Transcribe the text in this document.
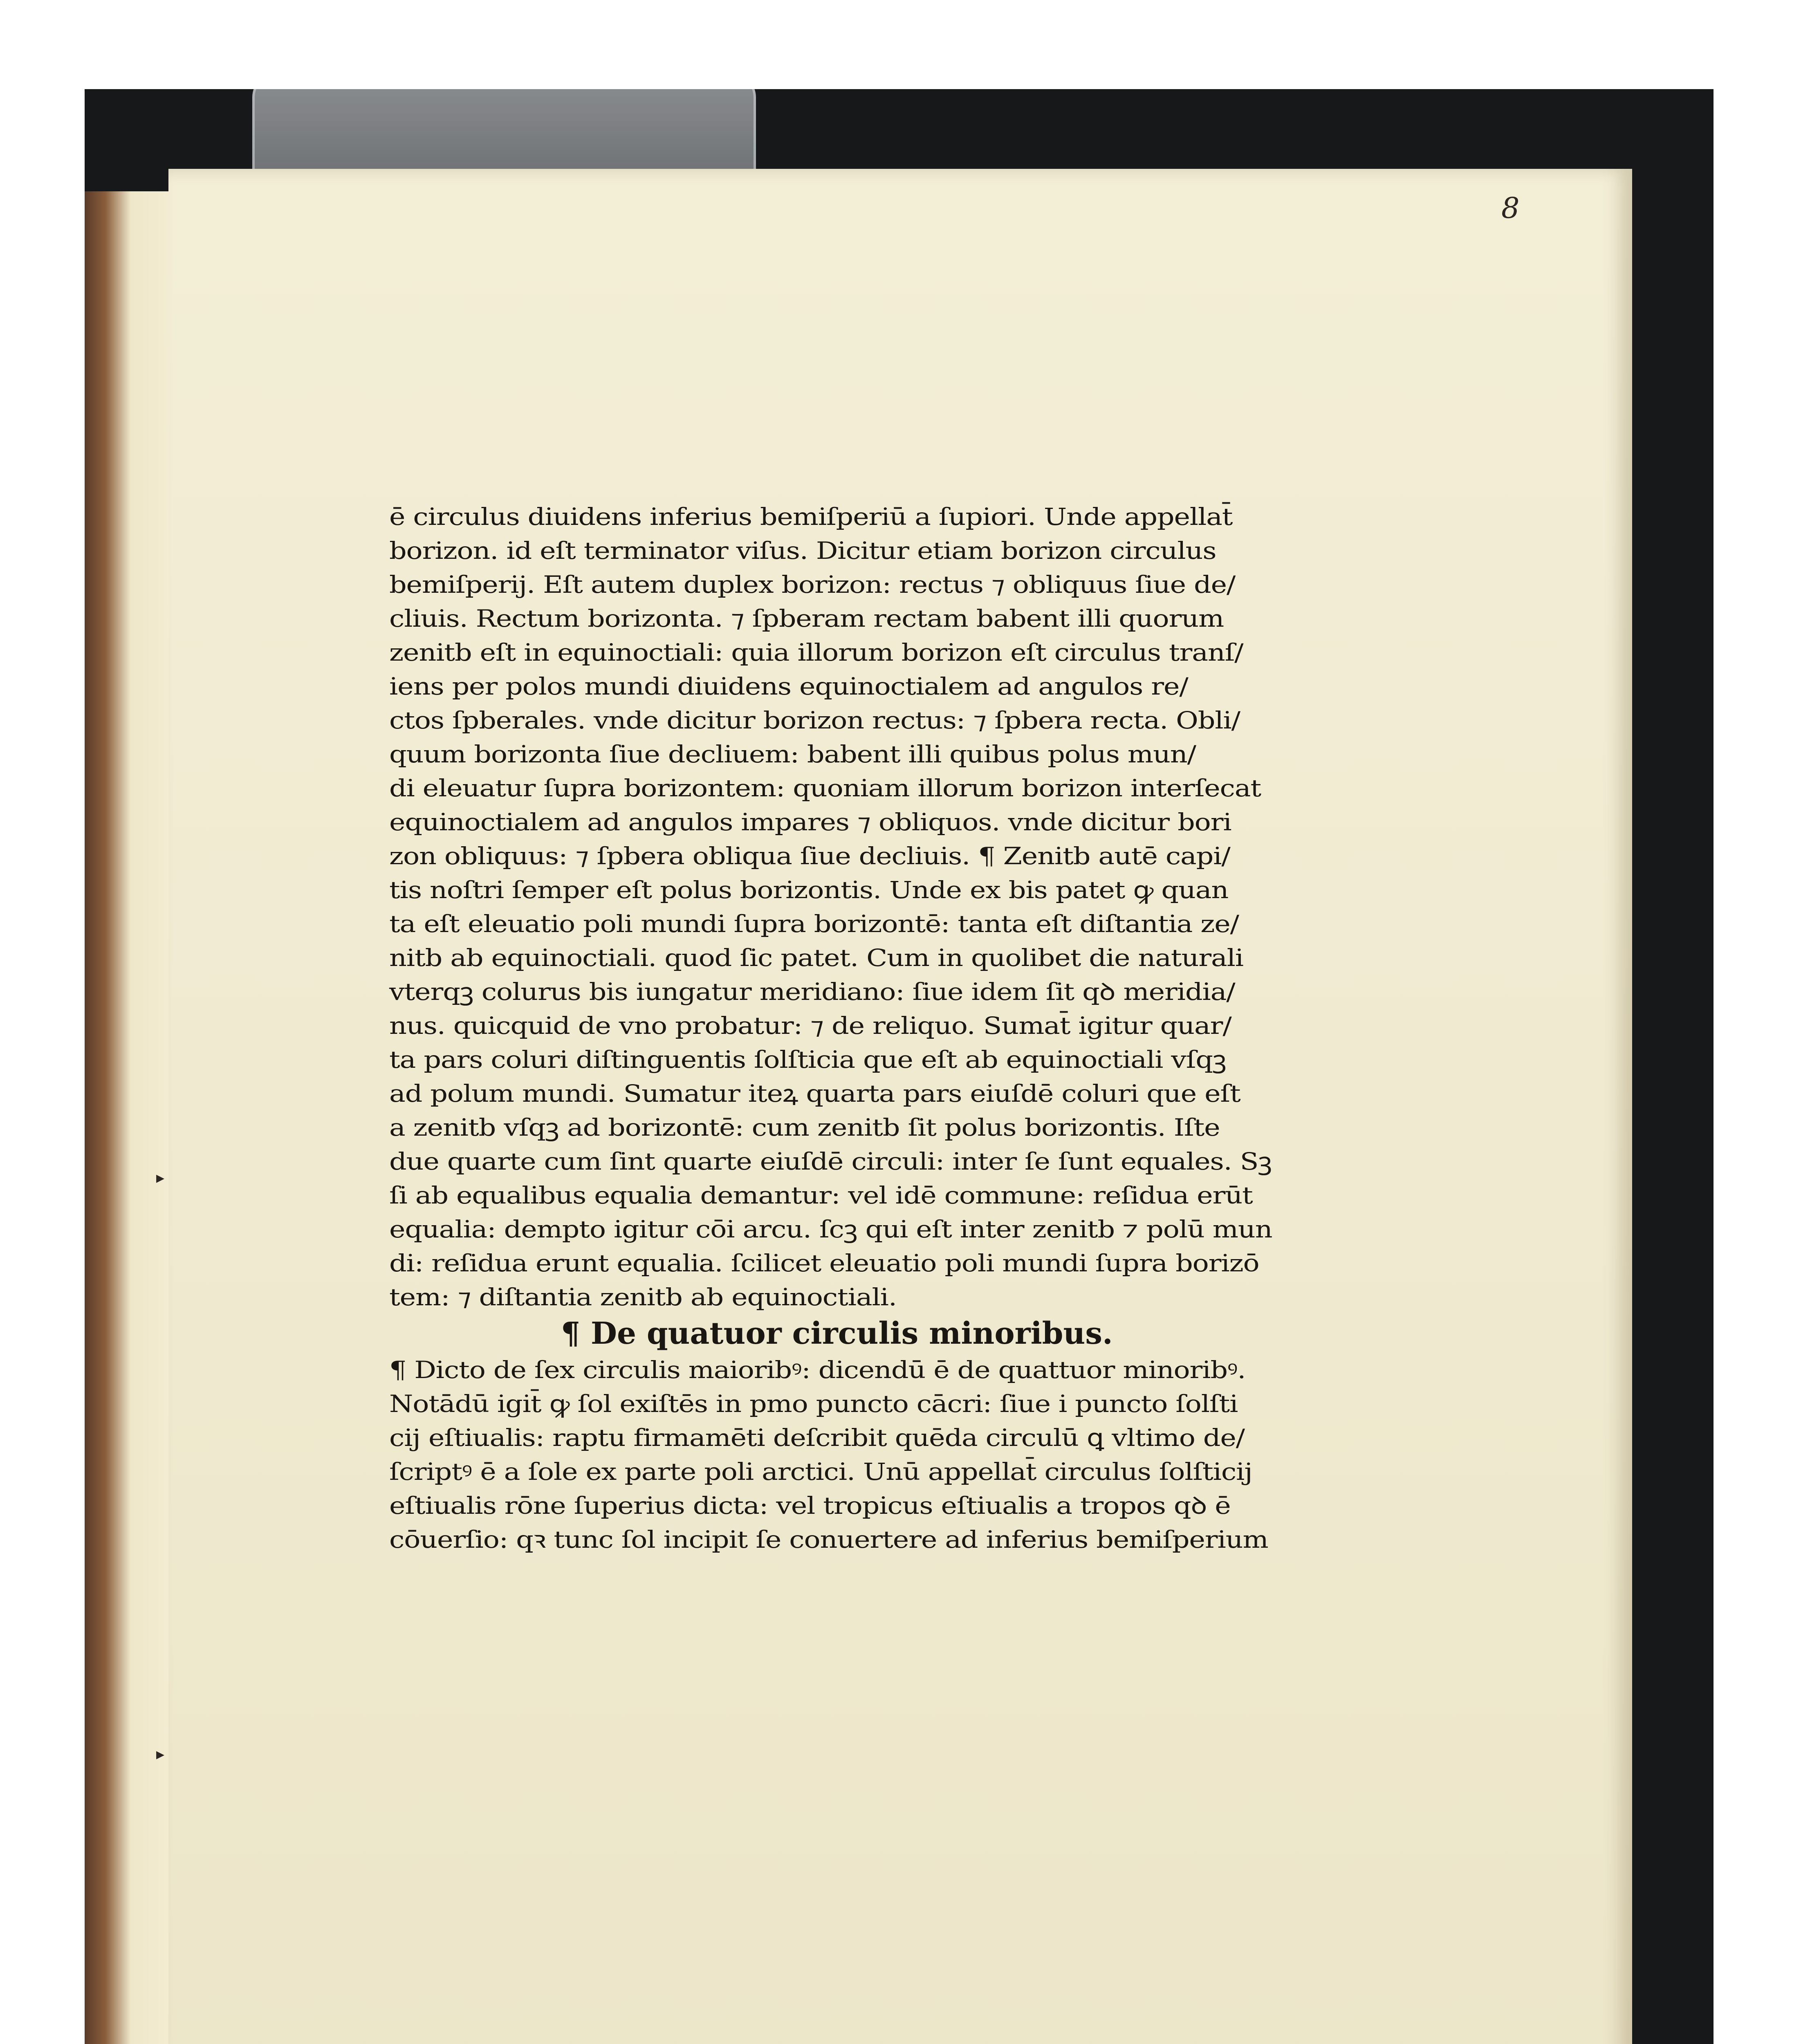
8
ē circulus diuidens inferius bemiſperiū a ſupiori. Unde appellat̄
borizon. id eſt terminator viſus. Dicitur etiam borizon circulus
bemiſperij. Eſt autem duplex borizon: rectus ⁊ obliquus ſiue de/
cliuis. Rectum borizonta. ⁊ ſpberam rectam babent illi quorum
zenitb eſt in equinoctiali: quia illorum borizon eſt circulus tranſ/
iens per polos mundi diuidens equinoctialem ad angulos re/
ctos ſpberales. vnde dicitur borizon rectus: ⁊ ſpbera recta. Obli/
quum borizonta ſiue decliuem: babent illi quibus polus mun/
di eleuatur ſupra borizontem: quoniam illorum borizon interſecat
equinoctialem ad angulos impares ⁊ obliquos. vnde dicitur bori
zon obliquus: ⁊ ſpbera obliqua ſiue decliuis. ¶ Zenitb autē capi/
tis noſtri ſemper eſt polus borizontis. Unde ex bis patet ꝙ quan
ta eſt eleuatio poli mundi ſupra borizontē: tanta eſt diſtantia ze/
nitb ab equinoctiali. quod ſic patet. Cum in quolibet die naturali
vterqꝫ colurus bis iungatur meridiano: ſiue idem ſit qꝺ meridia/
nus. quicquid de vno probatur: ⁊ de reliquo. Sumat̄ igitur quar/
ta pars coluri diſtinguentis ſolſticia que eſt ab equinoctiali vſqꝫ
ad polum mundi. Sumatur iteꝝ quarta pars eiuſdē coluri que eſt
a zenitb vſqꝫ ad borizontē: cum zenitb ſit polus borizontis. Iſte
due quarte cum ſint quarte eiuſdē circuli: inter ſe ſunt equales. Sꝫ
ſi ab equalibus equalia demantur: vel idē commune: reſidua erūt
equalia: dempto igitur cōi arcu. ſcꝫ qui eſt inter zenitb ⁊ polū mun
di: reſidua erunt equalia. ſcilicet eleuatio poli mundi ſupra borizō
tem: ⁊ diſtantia zenitb ab equinoctiali.
¶ De quatuor circulis minoribus.
¶ Dicto de ſex circulis maioribꝰ: dicendū ē de quattuor minoribꝰ.
Notādū igit̄ ꝙ ſol exiſtēs in pmo puncto cācri: ſiue i puncto ſolſti
cij eſtiualis: raptu firmamēti deſcribit quēda circulū ꝗ vltimo de/
ſcriptꝰ ē a ſole ex parte poli arctici. Unū appellat̄ circulus ſolſticij
eſtiualis rōne ſuperius dicta: vel tropicus eſtiualis a tropos qꝺ ē
cōuerſio: qꝛ tunc ſol incipit ſe conuertere ad inferius bemiſperium
▸
▸
